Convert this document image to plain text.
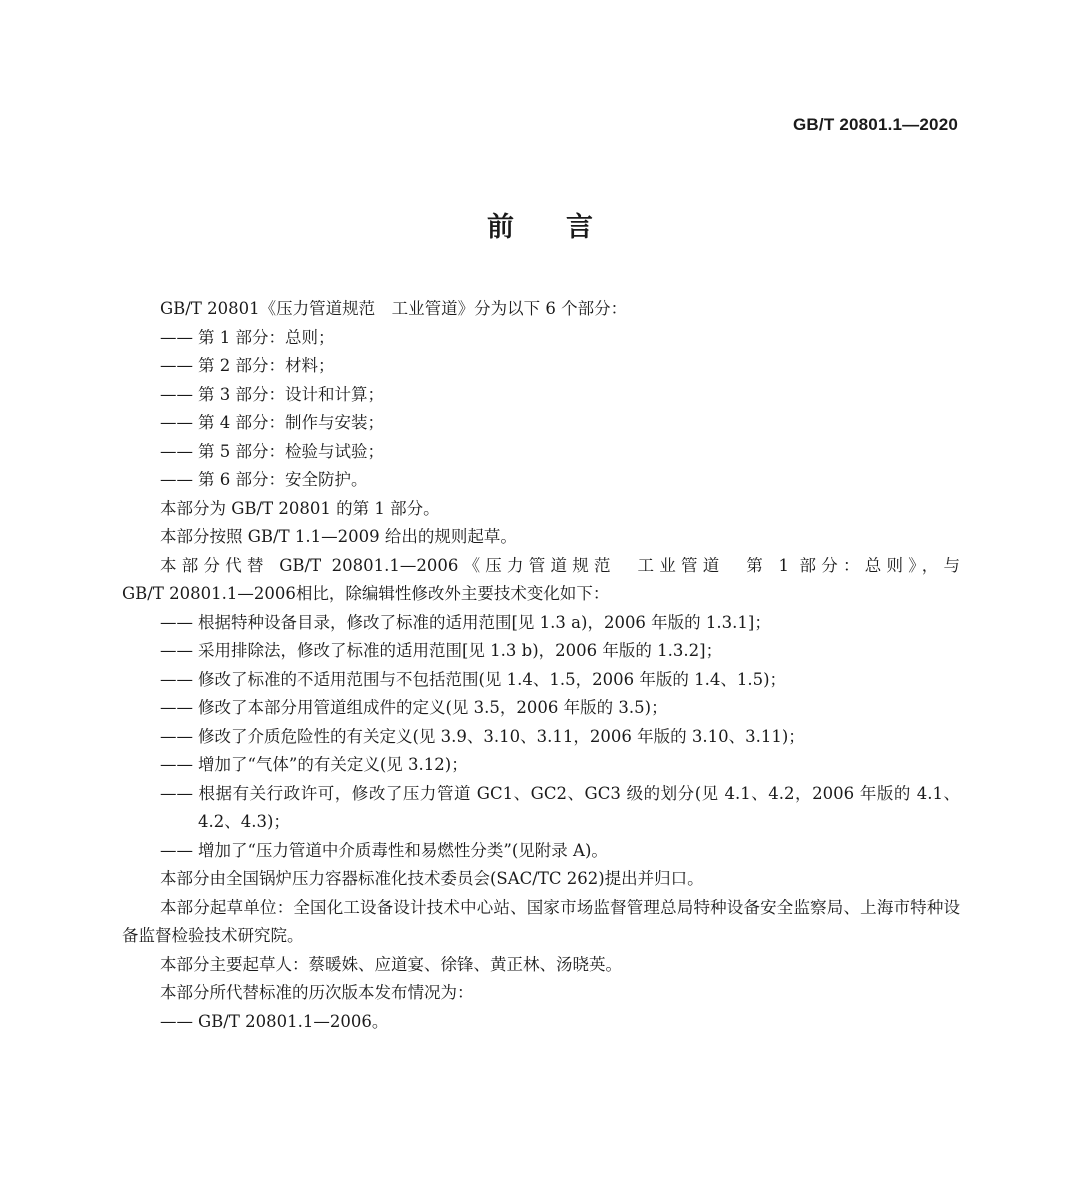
GB/T 20801.1—2020
前言

GB/T 20801《压力管道规范　工业管道》分为以下 6 个部分：

—— 第 1 部分：总则；

—— 第 2 部分：材料；

—— 第 3 部分：设计和计算；

—— 第 4 部分：制作与安装；

—— 第 5 部分：检验与试验；

—— 第 6 部分：安全防护。

本部分为 GB/T 20801 的第 1 部分。

本部分按照 GB/T 1.1—2009 给出的规则起草。

本部分代替 GB/T 20801.1—2006《压力管道规范　工业管道　第 1 部分：总则》，与

GB/T 20801.1—2006相比，除编辑性修改外主要技术变化如下：

—— 根据特种设备目录，修改了标准的适用范围[见 1.3 a)，2006 年版的 1.3.1]；

—— 采用排除法，修改了标准的适用范围[见 1.3 b)，2006 年版的 1.3.2]；

—— 修改了标准的不适用范围与不包括范围(见 1.4、1.5，2006 年版的 1.4、1.5)；

—— 修改了本部分用管道组成件的定义(见 3.5，2006 年版的 3.5)；

—— 修改了介质危险性的有关定义(见 3.9、3.10、3.11，2006 年版的 3.10、3.11)；

—— 增加了“气体”的有关定义(见 3.12)；

—— 根据有关行政许可，修改了压力管道 GC1、GC2、GC3 级的划分(见 4.1、4.2，2006 年版的 4.1、4.2、4.3)；

—— 增加了“压力管道中介质毒性和易燃性分类”(见附录 A)。

本部分由全国锅炉压力容器标准化技术委员会(SAC/TC 262)提出并归口。

本部分起草单位：全国化工设备设计技术中心站、国家市场监督管理总局特种设备安全监察局、上海市特种设备监督检验技术研究院。

本部分主要起草人：蔡暖姝、应道宴、徐锋、黄正林、汤晓英。

本部分所代替标准的历次版本发布情况为：

—— GB/T 20801.1—2006。
